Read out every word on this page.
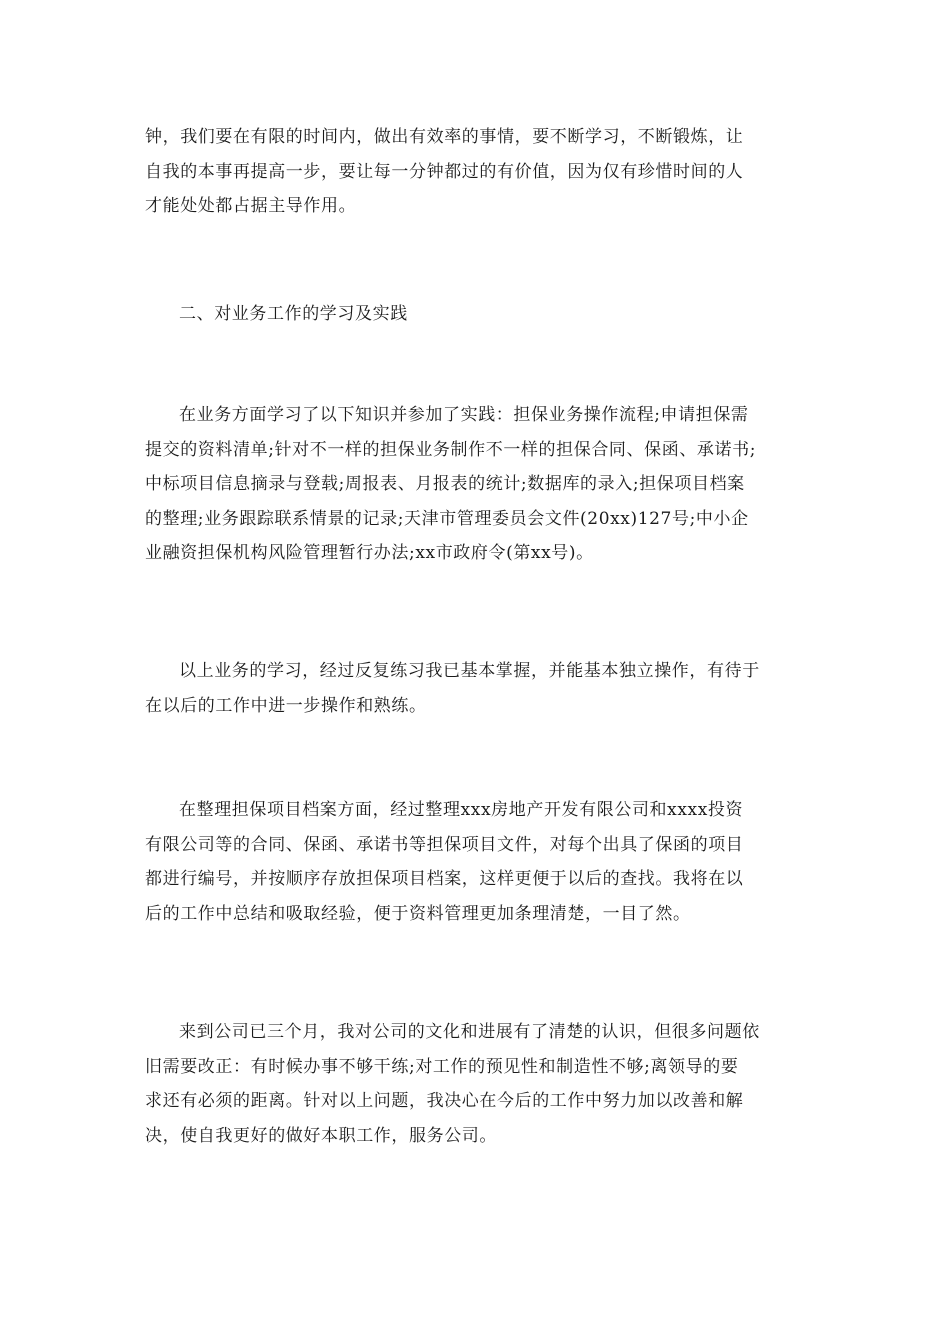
钟，我们要在有限的时间内，做出有效率的事情，要不断学习，不断锻炼，让
自我的本事再提高一步，要让每一分钟都过的有价值，因为仅有珍惜时间的人
才能处处都占据主导作用。
二、对业务工作的学习及实践
在业务方面学习了以下知识并参加了实践：担保业务操作流程;申请担保需
提交的资料清单;针对不一样的担保业务制作不一样的担保合同、保函、承诺书;
中标项目信息摘录与登载;周报表、月报表的统计;数据库的录入;担保项目档案
的整理;业务跟踪联系情景的记录;天津市管理委员会文件(20xx)127号;中小企
业融资担保机构风险管理暂行办法;xx市政府令(第xx号)。
以上业务的学习，经过反复练习我已基本掌握，并能基本独立操作，有待于
在以后的工作中进一步操作和熟练。
在整理担保项目档案方面，经过整理xxx房地产开发有限公司和xxxx投资
有限公司等的合同、保函、承诺书等担保项目文件，对每个出具了保函的项目
都进行编号，并按顺序存放担保项目档案，这样更便于以后的查找。我将在以
后的工作中总结和吸取经验，便于资料管理更加条理清楚，一目了然。
来到公司已三个月，我对公司的文化和进展有了清楚的认识，但很多问题依
旧需要改正：有时候办事不够干练;对工作的预见性和制造性不够;离领导的要
求还有必须的距离。针对以上问题，我决心在今后的工作中努力加以改善和解
决，使自我更好的做好本职工作，服务公司。
